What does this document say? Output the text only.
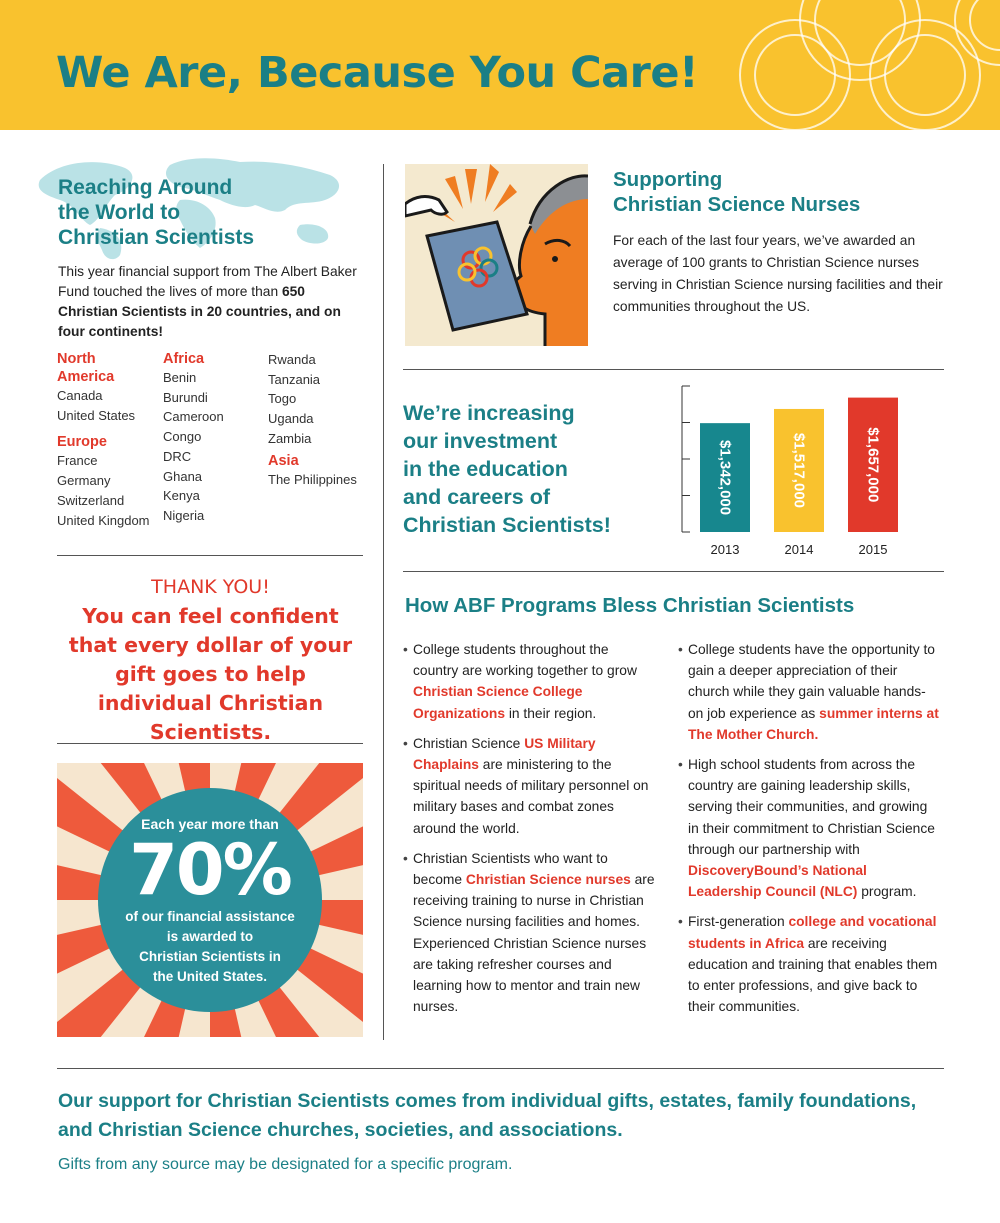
We Are, Because You Care!
Reaching Around
the World to
Christian Scientists
This year financial support from The Albert Baker Fund touched the lives of more than 650 Christian Scientists in 20 countries, and on four continents!
North
America
Canada
United States
Europe
France
Germany
Switzerland
United Kingdom
Africa
Benin
Burundi
Cameroon
Congo
DRC
Ghana
Kenya
Nigeria
Rwanda
Tanzania
Togo
Uganda
Zambia
Asia
The Philippines
THANK YOU!
You can feel confident that every dollar of your gift goes to help individual Christian Scientists.
Each year more than
70%
of our financial assistance
is awarded to
Christian Scientists in
the United States.
Supporting
Christian Science Nurses
For each of the last four years, we’ve awarded an average of 100 grants to Christian Science nurses serving in Christian Science nursing facilities and their communities throughout the US.
We’re increasing
our investment
in the education
and careers of
Christian Scientists!
$1,342,000
2013
$1,517,000
2014
$1,657,000
2015
How ABF Programs Bless Christian Scientists
• College students throughout the country are working together to grow Christian Science College Organizations in their region.
• Christian Science US Military Chaplains are ministering to the spiritual needs of military personnel on military bases and combat zones around the world.
• Christian Scientists who want to become Christian Science nurses are receiving training to nurse in Christian Science nursing facilities and homes. Experienced Christian Science nurses are taking refresher courses and learning how to mentor and train new nurses.
• College students have the opportunity to gain a deeper appreciation of their church while they gain valuable hands-on job experience as summer interns at The Mother Church.
• High school students from across the country are gaining leadership skills, serving their communities, and growing in their commitment to Christian Science through our partnership with DiscoveryBound’s National Leadership Council (NLC) program.
• First-generation college and vocational students in Africa are receiving education and training that enables them to enter professions, and give back to their communities.
Our support for Christian Scientists comes from individual gifts, estates, family foundations, and Christian Science churches, societies, and associations.
Gifts from any source may be designated for a specific program.
